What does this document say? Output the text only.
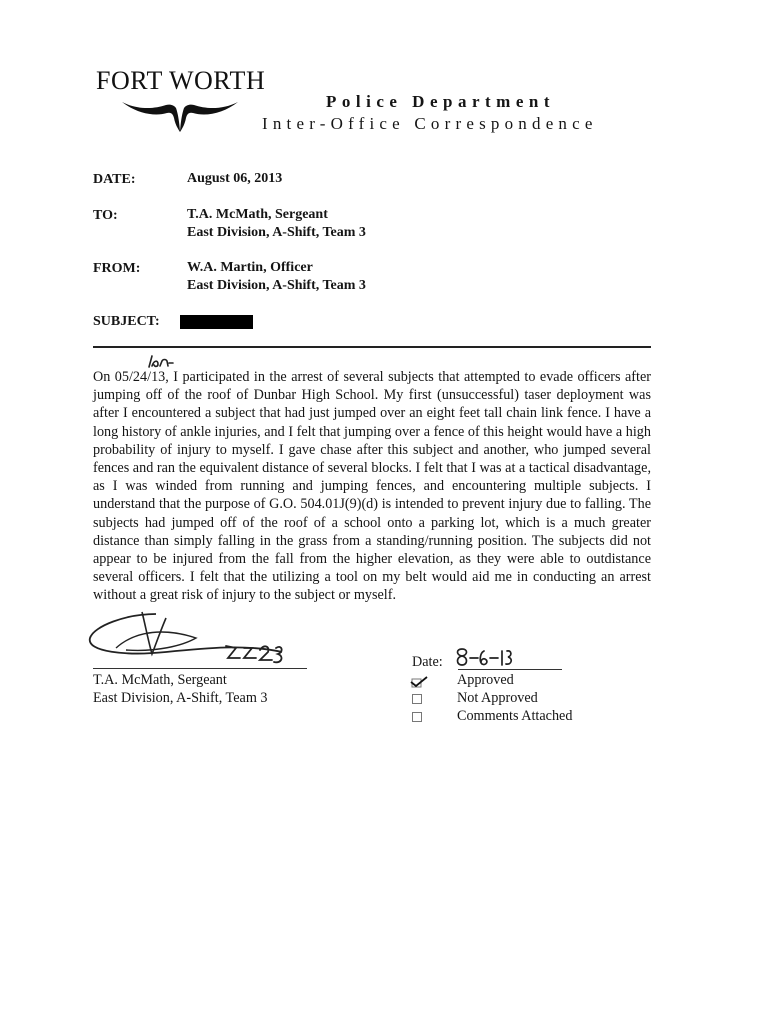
FORT WORTH
Police Department
Inter-Office Correspondence
DATE:	August 06, 2013
TO:	T.A. McMath, Sergeant
East Division, A-Shift, Team 3
FROM:	W.A. Martin, Officer
East Division, A-Shift, Team 3
SUBJECT:

On 05/24/13, I participated in the arrest of several subjects that attempted to evade officers after jumping off of the roof of Dunbar High School. My first (unsuccessful) taser deployment was after I encountered a subject that had just jumped over an eight feet tall chain link fence. I have a long history of ankle injuries, and I felt that jumping over a fence of this height would have a high probability of injury to myself. I gave chase after this subject and another, who jumped several fences and ran the equivalent distance of several blocks. I felt that I was at a tactical disadvantage, as I was winded from running and jumping fences, and encountering multiple subjects. I understand that the purpose of G.O. 504.01J(9)(d) is intended to prevent injury due to falling. The subjects had jumped off of the roof of a school onto a parking lot, which is a much greater distance than simply falling in the grass from a standing/running position. The subjects did not appear to be injured from the fall from the higher elevation, as they were able to outdistance several officers. I felt that the utilizing a tool on my belt would aid me in conducting an arrest without a great risk of injury to the subject or myself.

T.A. McMath, Sergeant
East Division, A-Shift, Team 3
Date:
Approved
Not Approved
Comments Attached
